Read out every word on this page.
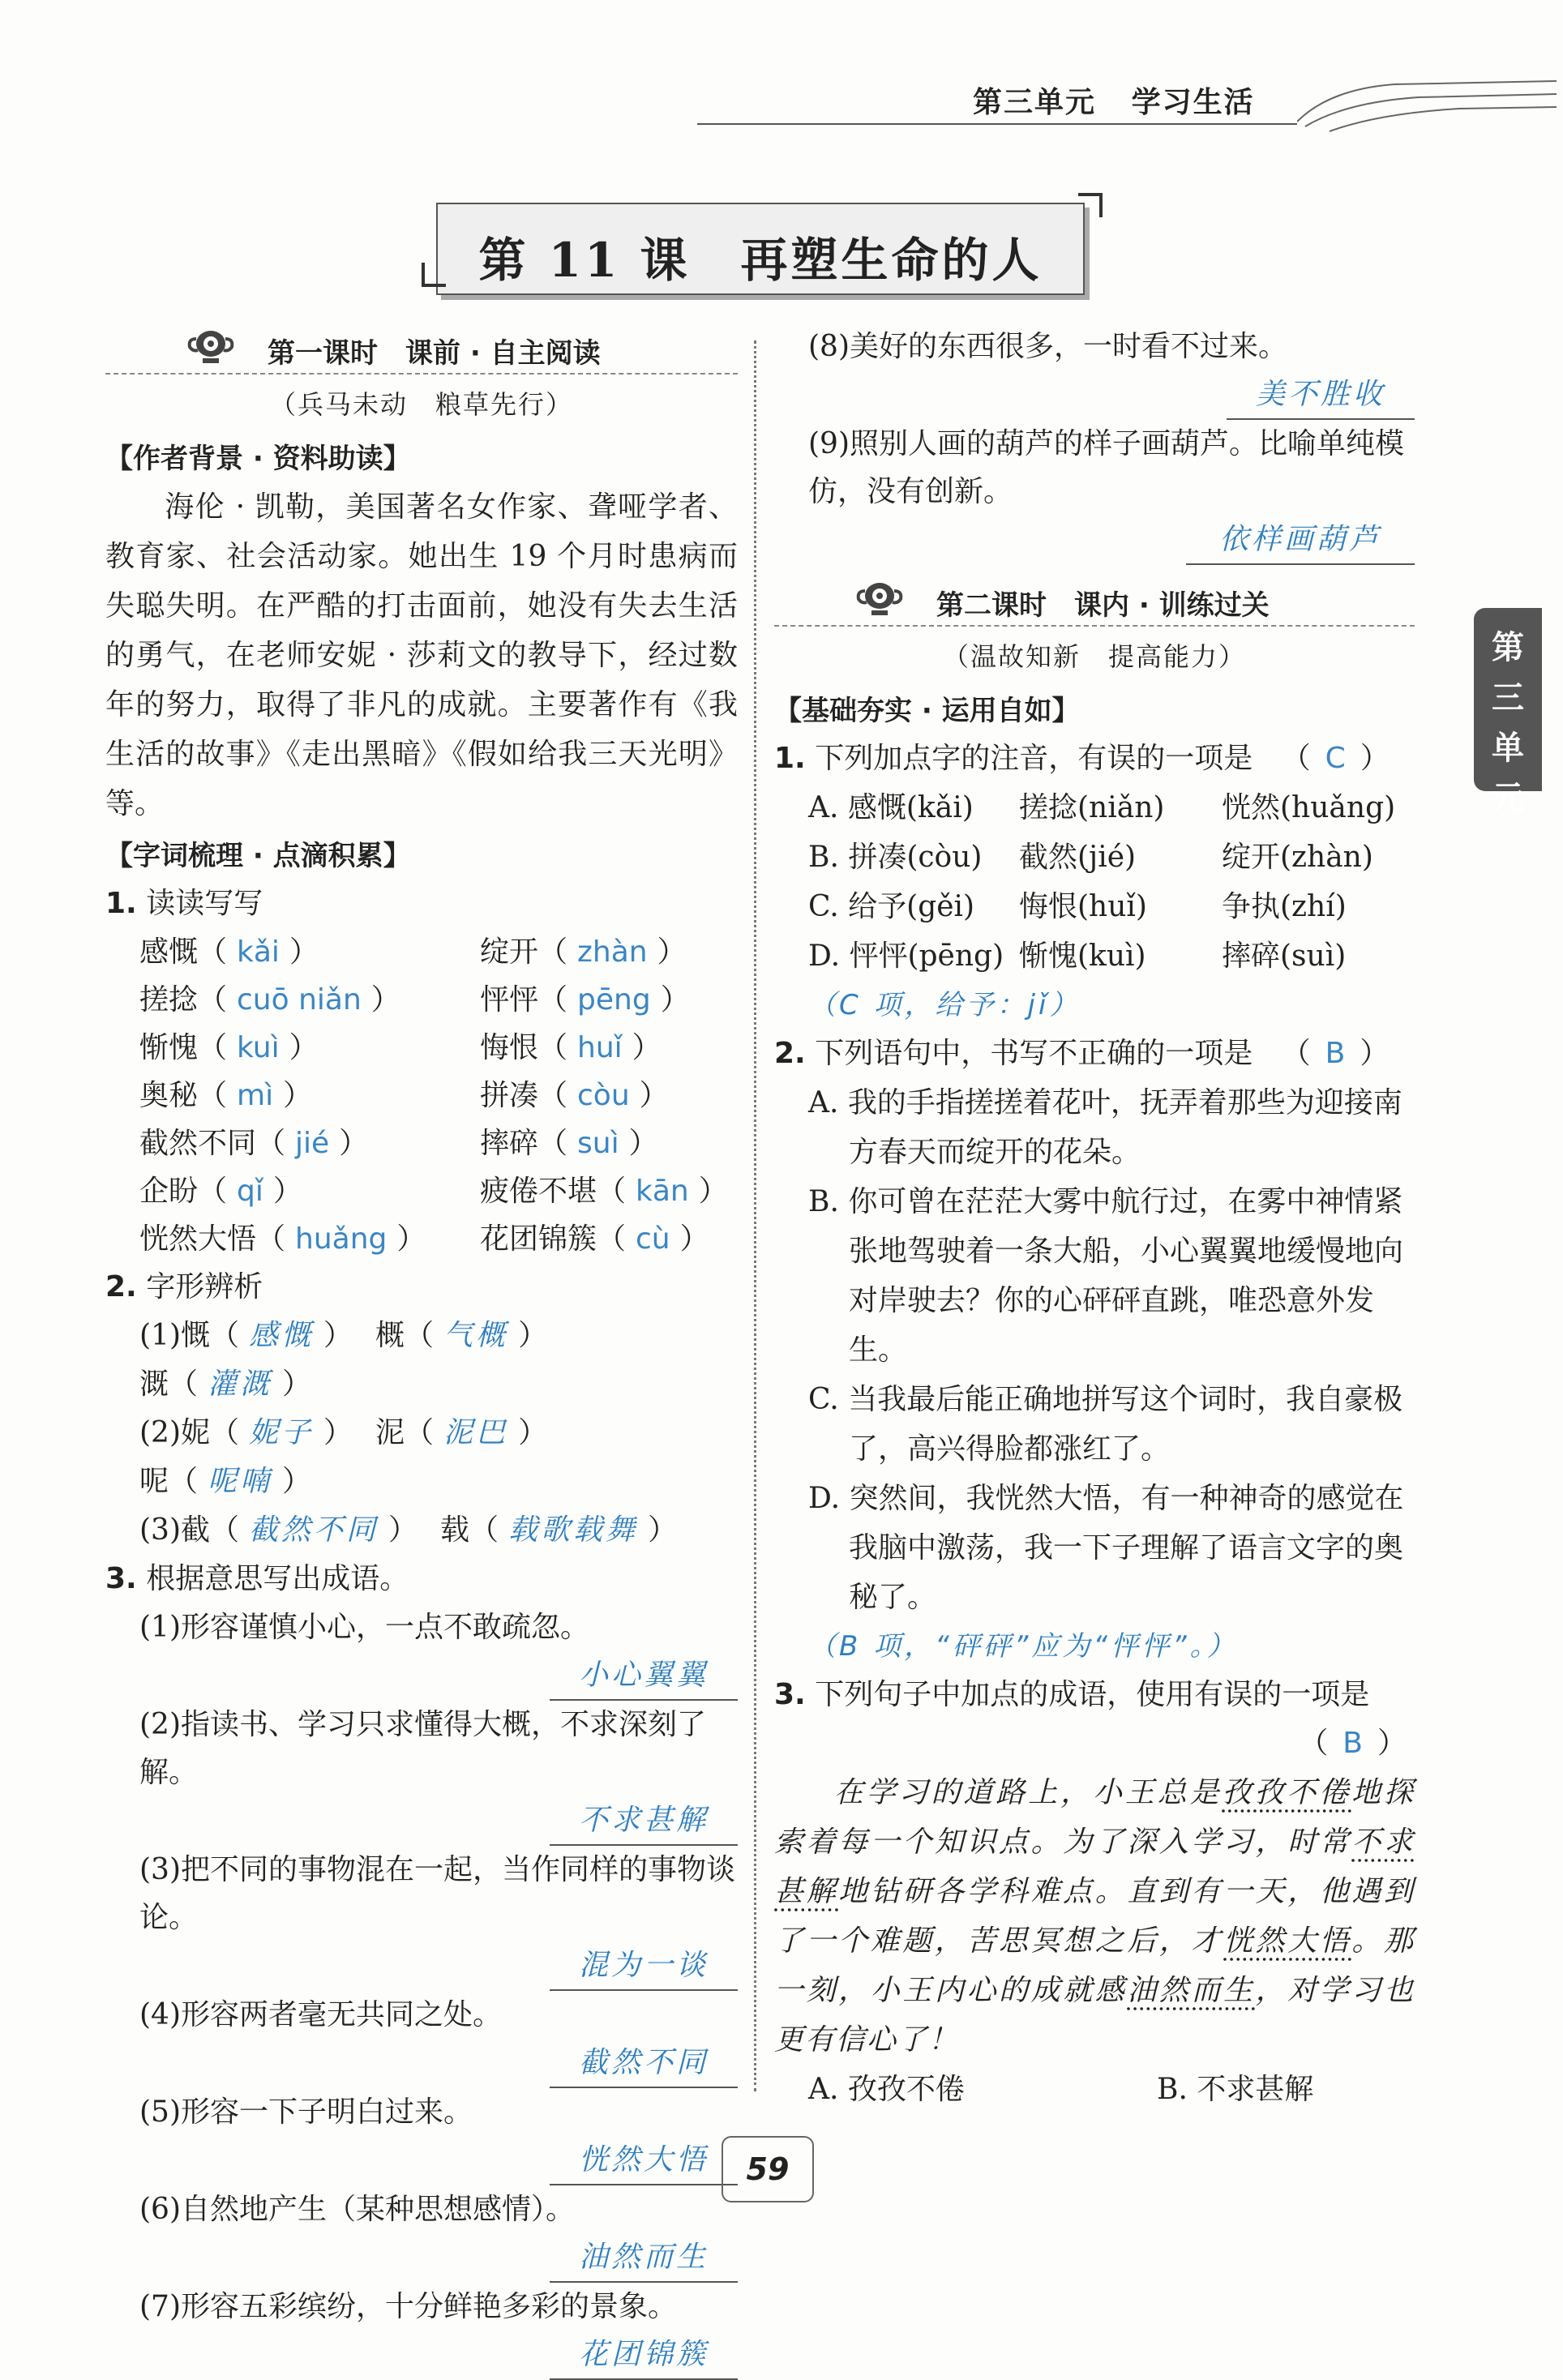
第三单元 学习生活
第 11 课　再塑生命的人
第一课时　课前 · 自主阅读
（兵马未动　粮草先行）
【作者背景 · 资料助读】
海伦 · 凯勒，美国著名女作家、聋哑学者、教育家、社会活动家。她出生 19 个月时患病而失聪失明。在严酷的打击面前，她没有失去生活的勇气，在老师安妮 · 莎莉文的教导下，经过数年的努力，取得了非凡的成就。主要著作有《我生活的故事》《走出黑暗》《假如给我三天光明》等。
【字词梳理 · 点滴积累】
1. 读读写写
感慨（ kǎi ）	绽开（ zhàn ）
搓捻（ cuō niǎn ）	怦怦（ pēng ）
惭愧（ kuì ）	悔恨（ huǐ ）
奥秘（ mì ）	拼凑（ còu ）
截然不同（ jié ）	摔碎（ suì ）
企盼（ qǐ ）	疲倦不堪（ kān ）
恍然大悟（ huǎng ）	花团锦簇（ cù ）
2. 字形辨析
(1)慨（ 感慨 ） 概（ 气概 ）溉（ 灌溉 ）
(2)妮（ 妮子 ） 泥（ 泥巴 ）呢（ 呢喃 ）
(3)截（ 截然不同 ） 载（ 载歌载舞 ）
3. 根据意思写出成语。
(1)形容谨慎小心，一点不敢疏忽。
小心翼翼
(2)指读书、学习只求懂得大概，不求深刻了解。
不求甚解
(3)把不同的事物混在一起，当作同样的事物谈论。
混为一谈
(4)形容两者毫无共同之处。
截然不同
(5)形容一下子明白过来。
恍然大悟
(6)自然地产生（某种思想感情）。
油然而生
(7)形容五彩缤纷，十分鲜艳多彩的景象。
花团锦簇
(8)美好的东西很多，一时看不过来。
美不胜收
(9)照别人画的葫芦的样子画葫芦。比喻单纯模仿，没有创新。
依样画葫芦
第二课时　课内 · 训练过关
（温故知新　提高能力）
【基础夯实 · 运用自如】
1. 下列加点字的注音，有误的一项是 （ C ）
A. 感慨(kǎi)	搓捻(niǎn)	恍然(huǎng)
B. 拼凑(còu)	截然(jié)	绽开(zhàn)
C. 给予(gěi)	悔恨(huǐ)	争执(zhí)
D. 怦怦(pēng) 惭愧(kuì)	摔碎(suì)
（C 项，给予：jǐ）
2. 下列语句中，书写不正确的一项是 （ B ）
A. 我的手指搓搓着花叶，抚弄着那些为迎接南方春天而绽开的花朵。
B. 你可曾在茫茫大雾中航行过，在雾中神情紧张地驾驶着一条大船，小心翼翼地缓慢地向对岸驶去？你的心砰砰直跳，唯恐意外发生。
C. 当我最后能正确地拼写这个词时，我自豪极了，高兴得脸都涨红了。
D. 突然间，我恍然大悟，有一种神奇的感觉在我脑中激荡，我一下子理解了语言文字的奥秘了。
（B 项，“砰砰”应为“怦怦”。）
3. 下列句子中加点的成语，使用有误的一项是
（ B ）
在学习的道路上，小王总是孜孜不倦地探索着每一个知识点。为了深入学习，时常不求甚解地钻研各学科难点。直到有一天，他遇到了一个难题，苦思冥想之后，才恍然大悟。那一刻，小王内心的成就感油然而生，对学习也更有信心了！
A. 孜孜不倦	B. 不求甚解
第三单元
59
